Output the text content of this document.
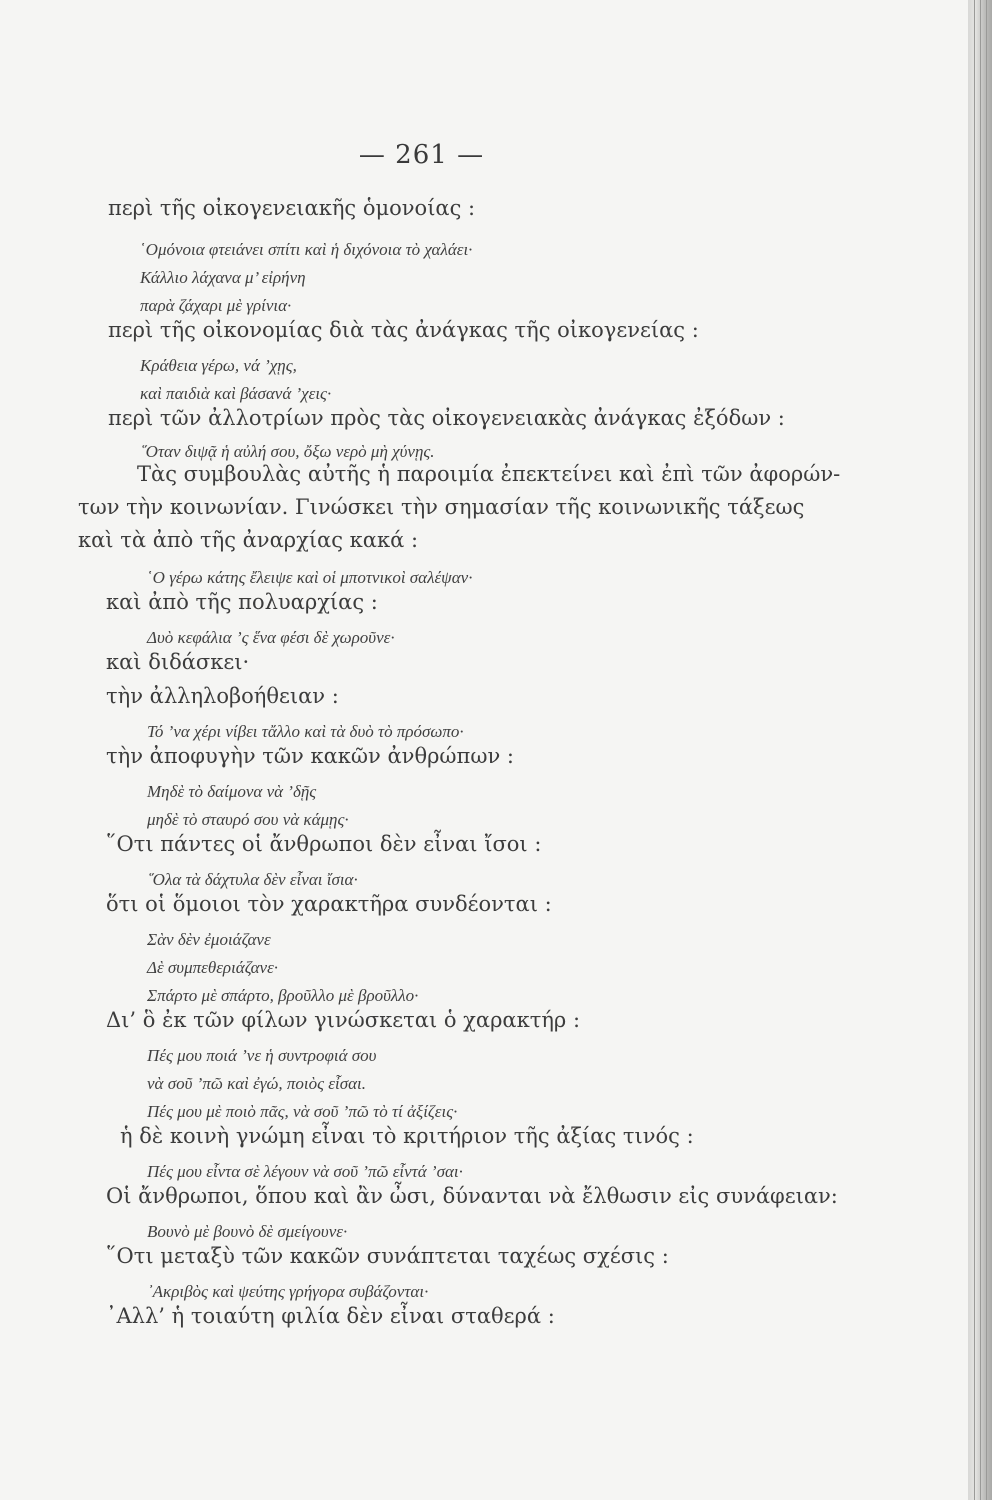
— 261 —
περὶ τῆς οἰκογενειακῆς ὁμονοίας :
῾Ομόνοια φτειάνει σπίτι καὶ ἡ διχόνοια τὸ χαλάει·
Κάλλιο λάχανα μ’ εἰρήνη
παρὰ ζάχαρι μὲ γρίνια·
περὶ τῆς οἰκονομίας διὰ τὰς ἀνάγκας τῆς οἰκογενείας :
Κράθεια γέρω, νά ’χῃς,
καὶ παιδιὰ καὶ βάσανά ’χεις·
περὶ τῶν ἀλλοτρίων πρὸς τὰς οἰκογενειακὰς ἀνάγκας ἐξόδων :
῞Οταν διψᾷ ἡ αὐλή σου, ὄξω νερὸ μὴ χύνῃς.
Τὰς συμβουλὰς αὐτῆς ἡ παροιμία ἐπεκτείνει καὶ ἐπὶ τῶν ἀφορών-
των τὴν κοινωνίαν. Γινώσκει τὴν σημασίαν τῆς κοινωνικῆς τάξεως
καὶ τὰ ἀπὸ τῆς ἀναρχίας κακά :
῾Ο γέρω κάτης ἔλειψε καὶ οἱ μποτνικοὶ σαλέψαν·
καὶ ἀπὸ τῆς πολυαρχίας :
Δυὸ κεφάλια ’ς ἕνα φέσι δὲ χωροῦνε·
καὶ διδάσκει·
τὴν ἀλληλοβοήθειαν :
Τό ’να χέρι νίβει τἄλλο καὶ τὰ δυὸ τὸ πρόσωπο·
τὴν ἀποφυγὴν τῶν κακῶν ἀνθρώπων :
Μηδὲ τὸ δαίμονα νὰ ’δῇς
μηδὲ τὸ σταυρό σου νὰ κάμῃς·
῞Οτι πάντες οἱ ἄνθρωποι δὲν εἶναι ἴσοι :
῞Ολα τὰ δάχτυλα δὲν εἶναι ἴσια·
ὅτι οἱ ὅμοιοι τὸν χαρακτῆρα συνδέονται :
Σὰν δὲν ἐμοιάζανε
Δὲ συμπεθεριάζανε·
Σπάρτο μὲ σπάρτο, βροῦλλο μὲ βροῦλλο·
Δι’ ὃ ἐκ τῶν φίλων γινώσκεται ὁ χαρακτήρ :
Πές μου ποιά ’νε ἡ συντροφιά σου
νὰ σοῦ ’πῶ καὶ ἐγώ, ποιὸς εἶσαι.
Πές μου μὲ ποιὸ πᾶς, νὰ σοῦ ’πῶ τὸ τί ἀξίζεις·
ἡ δὲ κοινὴ γνώμη εἶναι τὸ κριτήριον τῆς ἀξίας τινός :
Πές μου εἶντα σὲ λέγουν νὰ σοῦ ’πῶ εἶντά ’σαι·
Οἱ ἄνθρωποι, ὅπου καὶ ἂν ὦσι, δύνανται νὰ ἔλθωσιν εἰς συνάφειαν:
Βουνὸ μὲ βουνὸ δὲ σμείγουνε·
῞Οτι μεταξὺ τῶν κακῶν συνάπτεται ταχέως σχέσις :
᾽Ακριβὸς καὶ ψεύτης γρήγορα συβάζονται·
᾽Αλλ’ ἡ τοιαύτη φιλία δὲν εἶναι σταθερά :
